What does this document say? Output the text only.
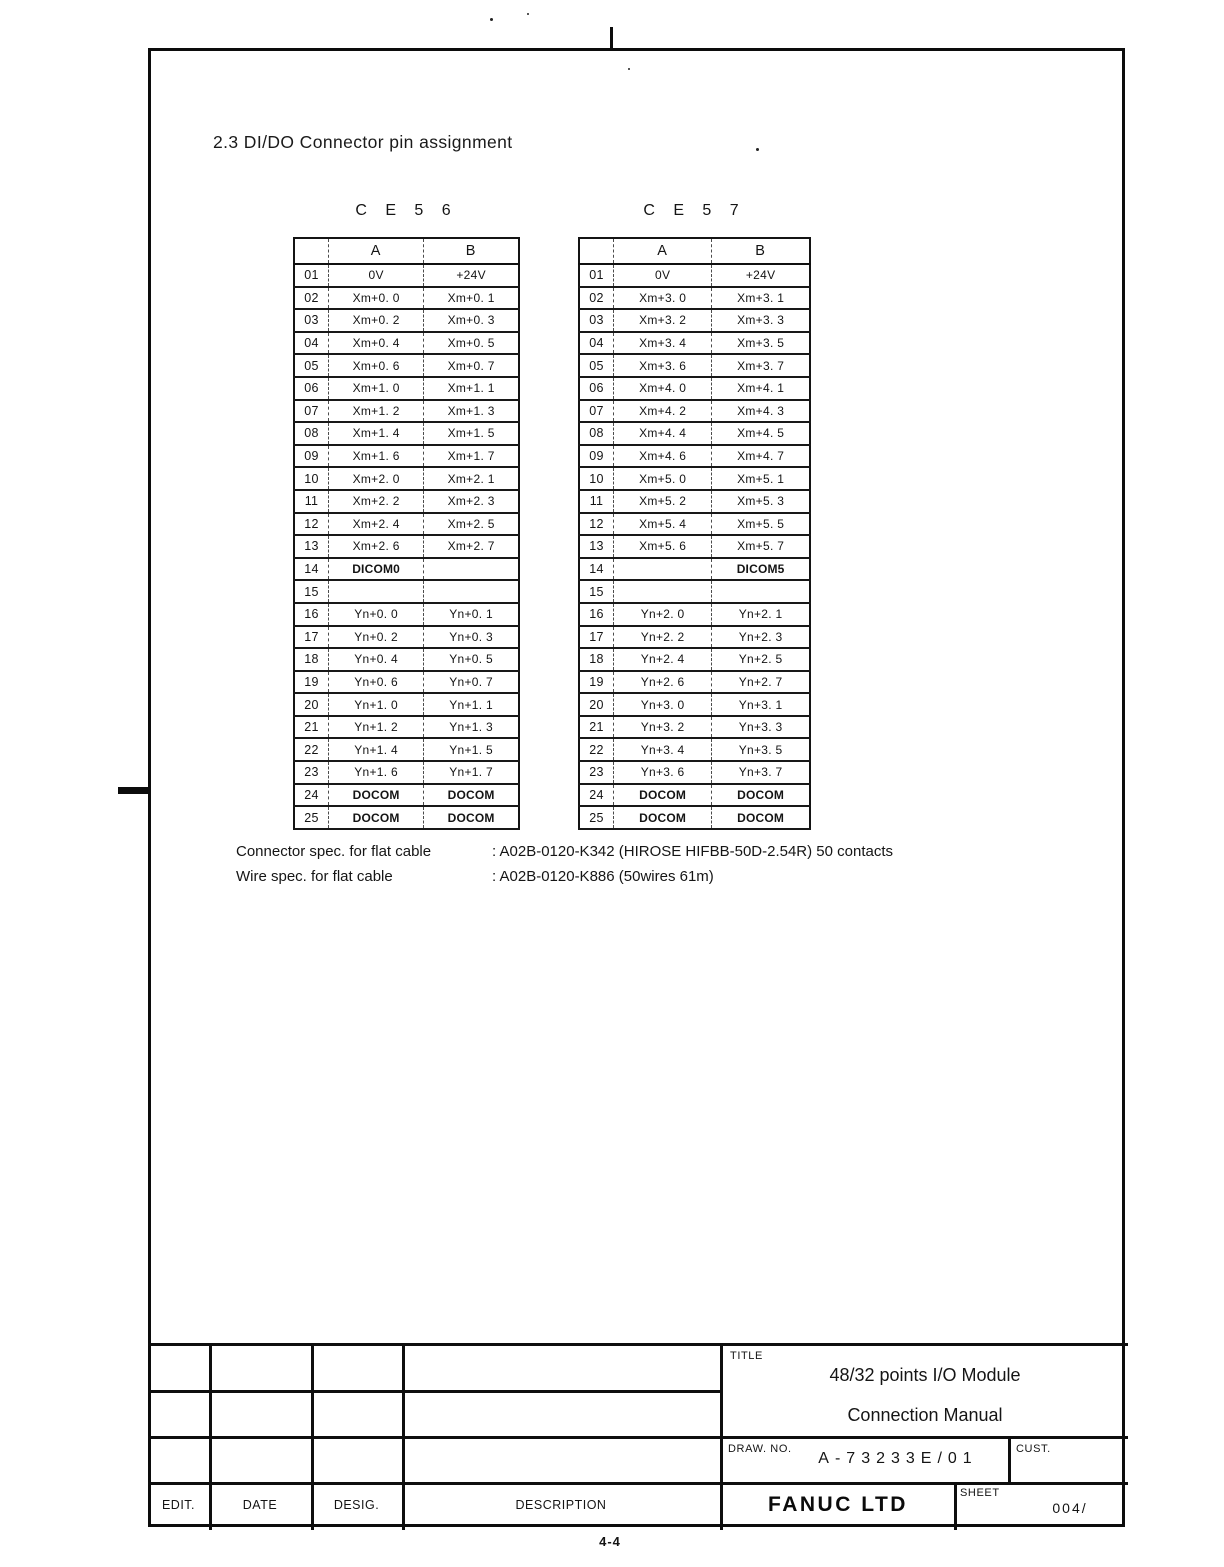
2.3 DI/DO Connector pin assignment
C E 5 6	C E 5 7
	A	B
01	0V	+24V
02	Xm+0. 0	Xm+0. 1
03	Xm+0. 2	Xm+0. 3
04	Xm+0. 4	Xm+0. 5
05	Xm+0. 6	Xm+0. 7
06	Xm+1. 0	Xm+1. 1
07	Xm+1. 2	Xm+1. 3
08	Xm+1. 4	Xm+1. 5
09	Xm+1. 6	Xm+1. 7
10	Xm+2. 0	Xm+2. 1
11	Xm+2. 2	Xm+2. 3
12	Xm+2. 4	Xm+2. 5
13	Xm+2. 6	Xm+2. 7
14	DICOM0	
15		
16	Yn+0. 0	Yn+0. 1
17	Yn+0. 2	Yn+0. 3
18	Yn+0. 4	Yn+0. 5
19	Yn+0. 6	Yn+0. 7
20	Yn+1. 0	Yn+1. 1
21	Yn+1. 2	Yn+1. 3
22	Yn+1. 4	Yn+1. 5
23	Yn+1. 6	Yn+1. 7
24	DOCOM	DOCOM
25	DOCOM	DOCOM
	A	B
01	0V	+24V
02	Xm+3. 0	Xm+3. 1
03	Xm+3. 2	Xm+3. 3
04	Xm+3. 4	Xm+3. 5
05	Xm+3. 6	Xm+3. 7
06	Xm+4. 0	Xm+4. 1
07	Xm+4. 2	Xm+4. 3
08	Xm+4. 4	Xm+4. 5
09	Xm+4. 6	Xm+4. 7
10	Xm+5. 0	Xm+5. 1
11	Xm+5. 2	Xm+5. 3
12	Xm+5. 4	Xm+5. 5
13	Xm+5. 6	Xm+5. 7
14		DICOM5
15		
16	Yn+2. 0	Yn+2. 1
17	Yn+2. 2	Yn+2. 3
18	Yn+2. 4	Yn+2. 5
19	Yn+2. 6	Yn+2. 7
20	Yn+3. 0	Yn+3. 1
21	Yn+3. 2	Yn+3. 3
22	Yn+3. 4	Yn+3. 5
23	Yn+3. 6	Yn+3. 7
24	DOCOM	DOCOM
25	DOCOM	DOCOM
Connector spec. for flat cable	: A02B-0120-K342 (HIROSE HIFBB-50D-2.54R) 50 contacts
Wire spec. for flat cable	: A02B-0120-K886 (50wires 61m)
TITLE
48/32 points I/O Module
Connection Manual
DRAW. NO.
A-73233E/01
CUST.
EDIT.	DATE	DESIG.	DESCRIPTION	FANUC LTD	SHEET
004/
4-4
